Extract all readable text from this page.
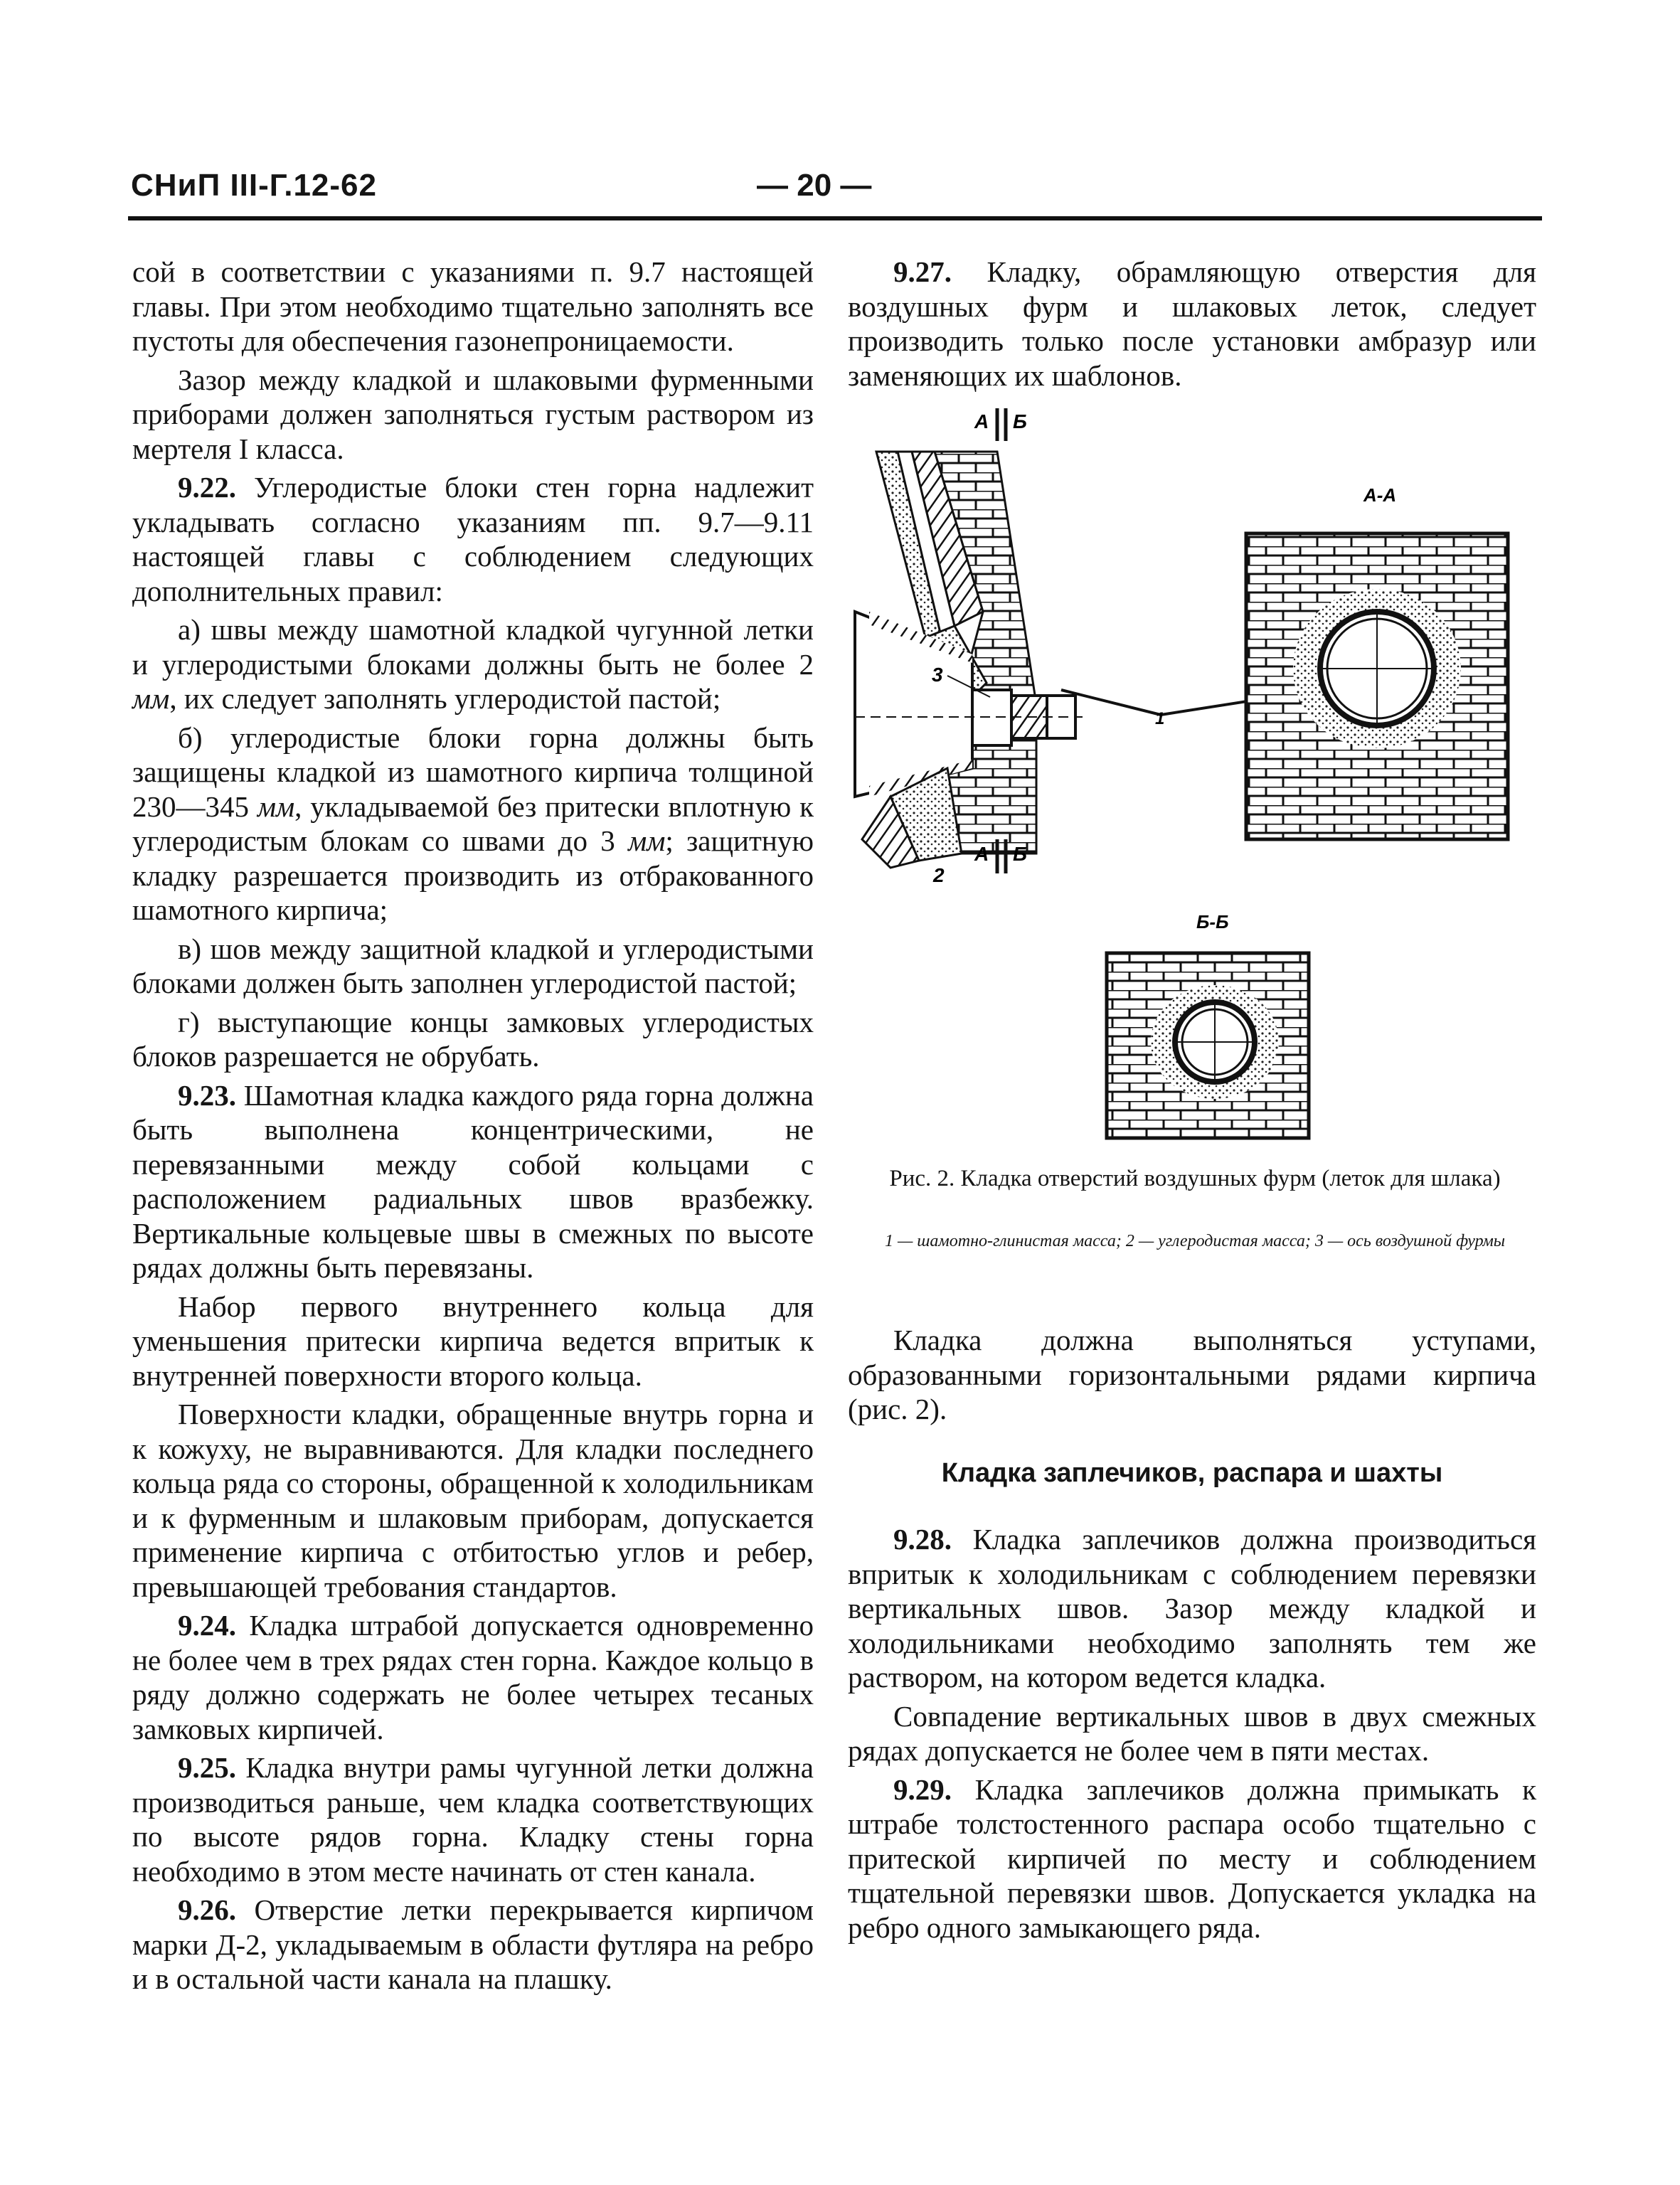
СНиП III-Г.12-62	— 20 —

сой в соответствии с указаниями п. 9.7 настоящей главы. При этом необходимо тщательно заполнять все пустоты для обеспечения газонепроницаемости.

Зазор между кладкой и шлаковыми фурменными приборами должен заполняться густым раствором из мертеля I класса.

9.22. Углеродистые блоки стен горна надлежит укладывать согласно указаниям пп. 9.7—9.11 настоящей главы с соблюдением следующих дополнительных правил:

а) швы между шамотной кладкой чугунной летки и углеродистыми блоками должны быть не более 2 мм, их следует заполнять углеродистой пастой;

б) углеродистые блоки горна должны быть защищены кладкой из шамотного кирпича толщиной 230—345 мм, укладываемой без притески вплотную к углеродистым блокам со швами до 3 мм; защитную кладку разрешается производить из отбракованного шамотного кирпича;

в) шов между защитной кладкой и углеродистыми блоками должен быть заполнен углеродистой пастой;

г) выступающие концы замковых углеродистых блоков разрешается не обрубать.

9.23. Шамотная кладка каждого ряда горна должна быть выполнена концентрическими, не перевязанными между собой кольцами с расположением радиальных швов вразбежку. Вертикальные кольцевые швы в смежных по высоте рядах должны быть перевязаны.

Набор первого внутреннего кольца для уменьшения притески кирпича ведется впритык к внутренней поверхности второго кольца.

Поверхности кладки, обращенные внутрь горна и к кожуху, не выравниваются. Для кладки последнего кольца ряда со стороны, обращенной к холодильникам и к фурменным и шлаковым приборам, допускается применение кирпича с отбитостью углов и ребер, превышающей требования стандартов.

9.24. Кладка штрабой допускается одновременно не более чем в трех рядах стен горна. Каждое кольцо в ряду должно содержать не более четырех тесаных замковых кирпичей.

9.25. Кладка внутри рамы чугунной летки должна производиться раньше, чем кладка соответствующих по высоте рядов горна. Кладку стены горна необходимо в этом месте начинать от стен канала.

9.26. Отверстие летки перекрывается кирпичом марки Д-2, укладываемым в области футляра на ребро и в остальной части канала на плашку.

9.27. Кладку, обрамляющую отверстия для воздушных фурм и шлаковых леток, следует производить только после установки амбразур или заменяющих их шаблонов.

А Б
3
2
1
А Б
А-А
Б-Б
Рис. 2. Кладка отверстий воздушных фурм (леток для шлака)
1 — шамотно-глинистая масса; 2 — углеродистая масса; 3 — ось воздушной фурмы

Кладка должна выполняться уступами, образованными горизонтальными рядами кирпича (рис. 2).

Кладка заплечиков, распара и шахты

9.28. Кладка заплечиков должна производиться впритык к холодильникам с соблюдением перевязки вертикальных швов. Зазор между кладкой и холодильниками необходимо заполнять тем же раствором, на котором ведется кладка.

Совпадение вертикальных швов в двух смежных рядах допускается не более чем в пяти местах.

9.29. Кладка заплечиков должна примыкать к штрабе толстостенного распара особо тщательно с притеской кирпичей по месту и соблюдением тщательной перевязки швов. Допускается укладка на ребро одного замыкающего ряда.
